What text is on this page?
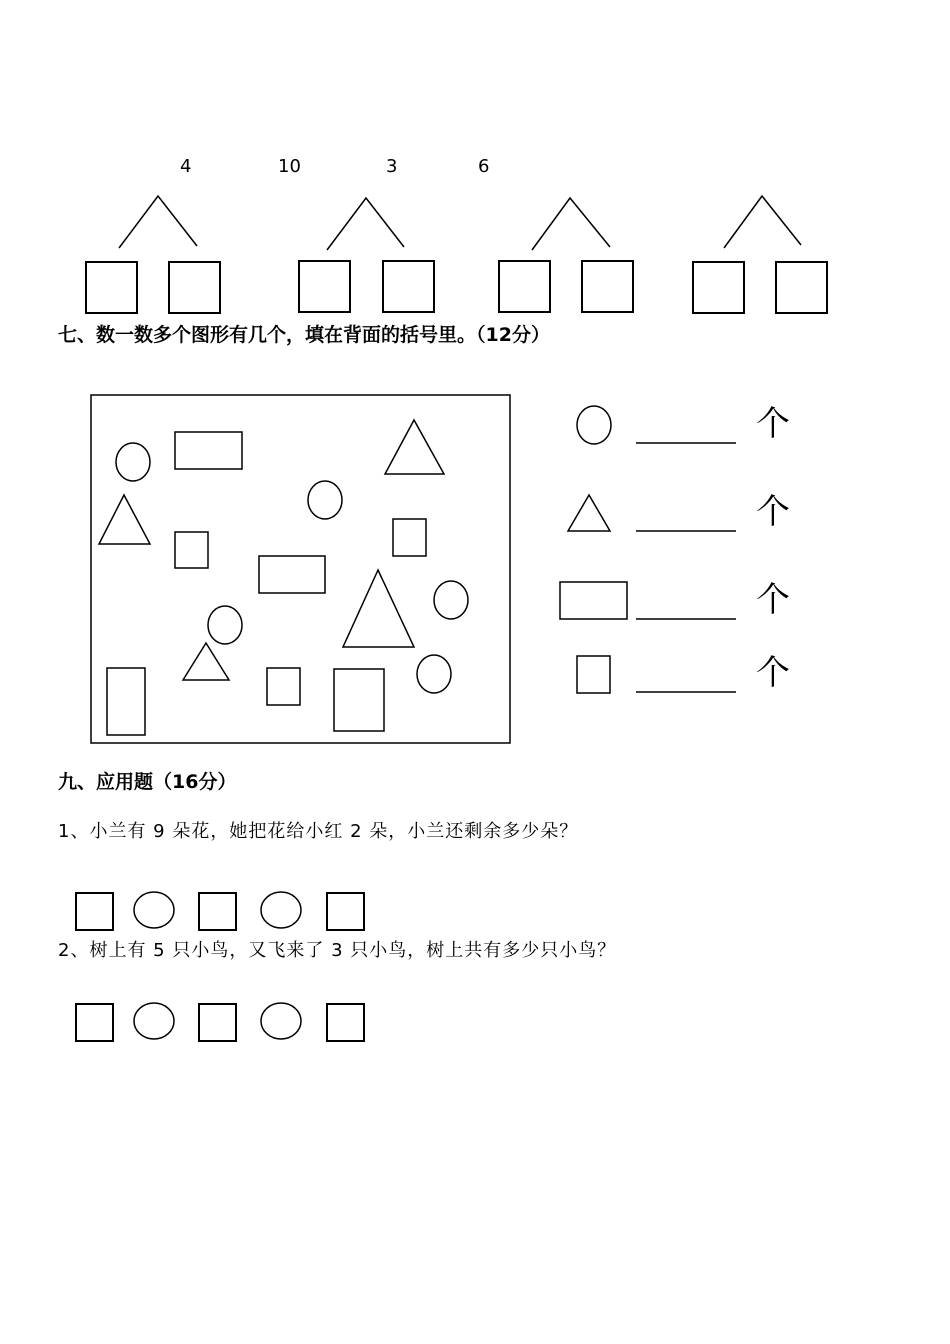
4	10	3	6
七、数一数多个图形有几个，填在背面的括号里。（12分）
个
个
个
个
九、应用题（16分）
1、小兰有 9 朵花，她把花给小红 2 朵，小兰还剩余多少朵？
2、树上有 5 只小鸟，又飞来了 3 只小鸟，树上共有多少只小鸟？
